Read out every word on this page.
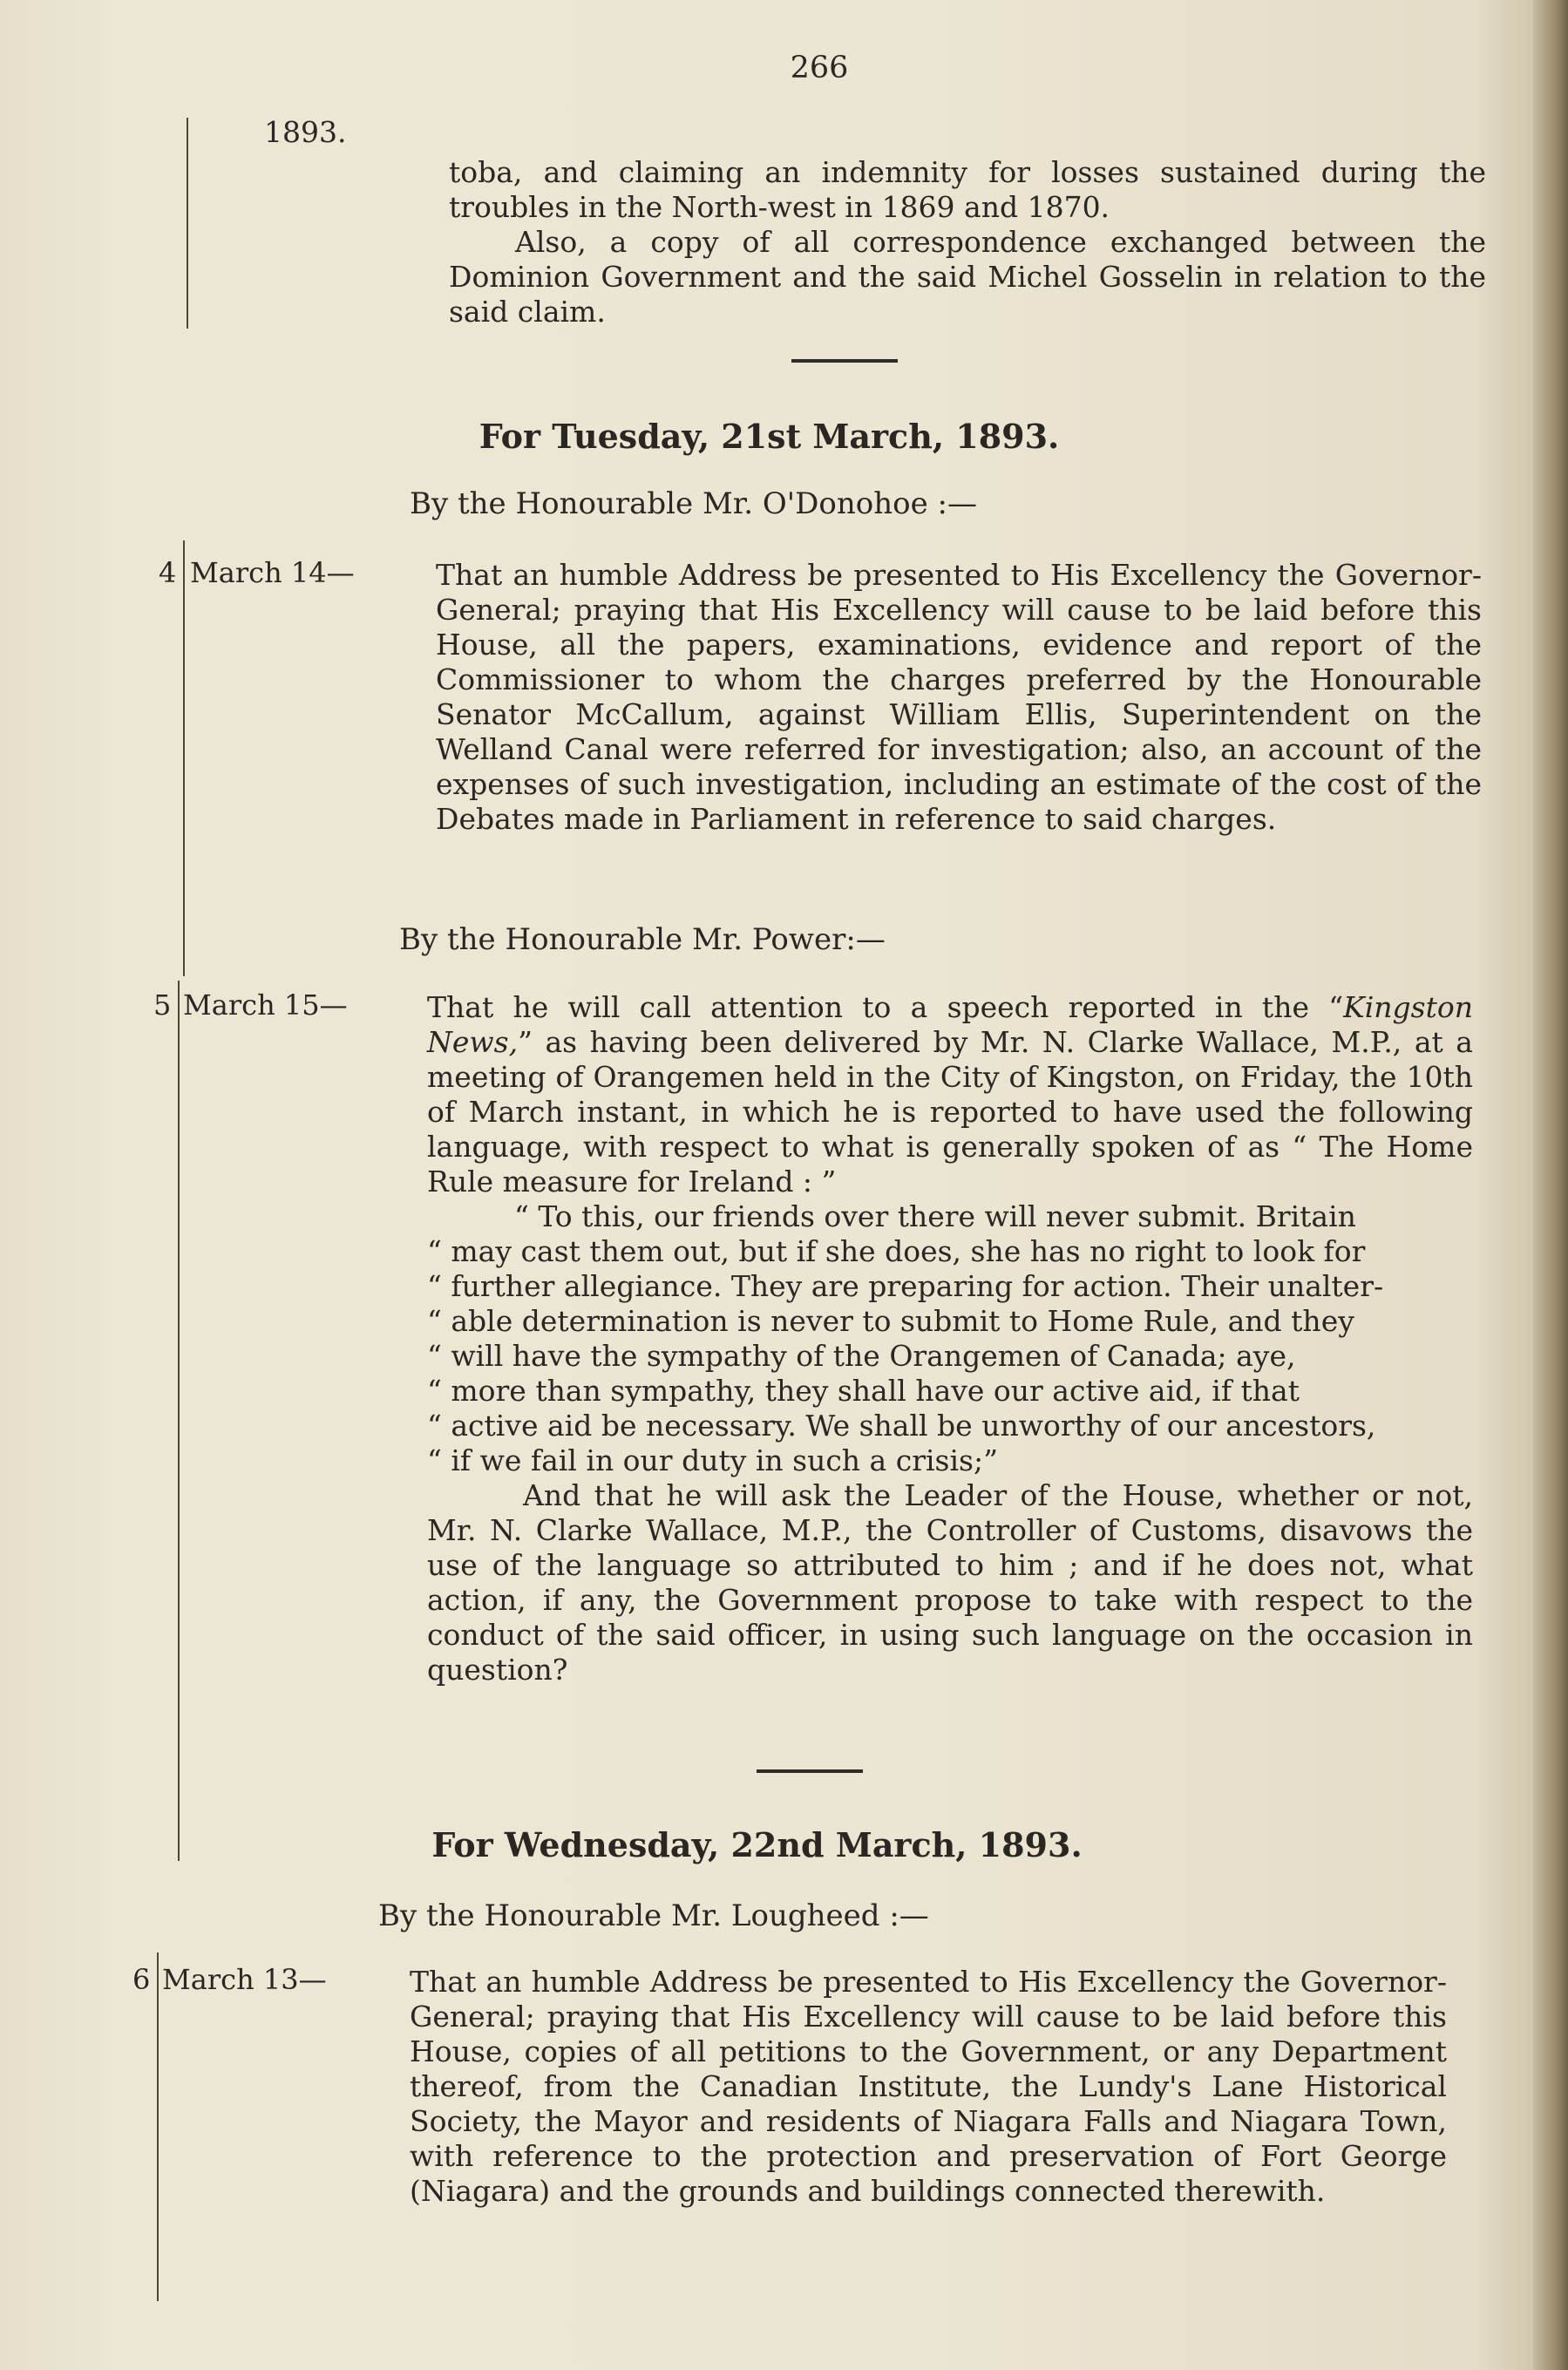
266
1893.

toba, and claiming an indemnity for losses sustained during the troubles in the North-west in 1869 and 1870.

Also, a copy of all correspondence exchanged between the Dominion Government and the said Michel Gosselin in relation to the said claim.

For Tuesday, 21st March, 1893.
By the Honourable Mr. O'Donohoe :—
4 March 14—	That an humble Address be presented to His Excellency the Governor-General; praying that His Excellency will cause to be laid before this House, all the papers, examinations, evidence and report of the Commissioner to whom the charges preferred by the Honourable Senator McCallum, against William Ellis, Superintendent on the Welland Canal were referred for investigation; also, an account of the expenses of such investigation, including an estimate of the cost of the Debates made in Parliament in reference to said charges.

By the Honourable Mr. Power:—
5 March 15—	That he will call attention to a speech reported in the “Kingston News,” as having been delivered by Mr. N. Clarke Wallace, M.P., at a meeting of Orangemen held in the City of Kingston, on Friday, the 10th of March instant, in which he is reported to have used the following language, with respect to what is generally spoken of as “ The Home Rule measure for Ireland : ”

“ To this, our friends over there will never submit. Britain
“ may cast them out, but if she does, she has no right to look for
“ further allegiance. They are preparing for action. Their unalter-
“ able determination is never to submit to Home Rule, and they
“ will have the sympathy of the Orangemen of Canada; aye,
“ more than sympathy, they shall have our active aid, if that
“ active aid be necessary. We shall be unworthy of our ancestors,
“ if we fail in our duty in such a crisis;”

And that he will ask the Leader of the House, whether or not, Mr. N. Clarke Wallace, M.P., the Controller of Customs, disavows the use of the language so attributed to him ; and if he does not, what action, if any, the Government propose to take with respect to the conduct of the said officer, in using such language on the occasion in question?

For Wednesday, 22nd March, 1893.
By the Honourable Mr. Lougheed :—
6 March 13—	That an humble Address be presented to His Excellency the Governor-General; praying that His Excellency will cause to be laid before this House, copies of all petitions to the Government, or any Department thereof, from the Canadian Institute, the Lundy's Lane Historical Society, the Mayor and residents of Niagara Falls and Niagara Town, with reference to the protection and preservation of Fort George (Niagara) and the grounds and buildings connected therewith.
